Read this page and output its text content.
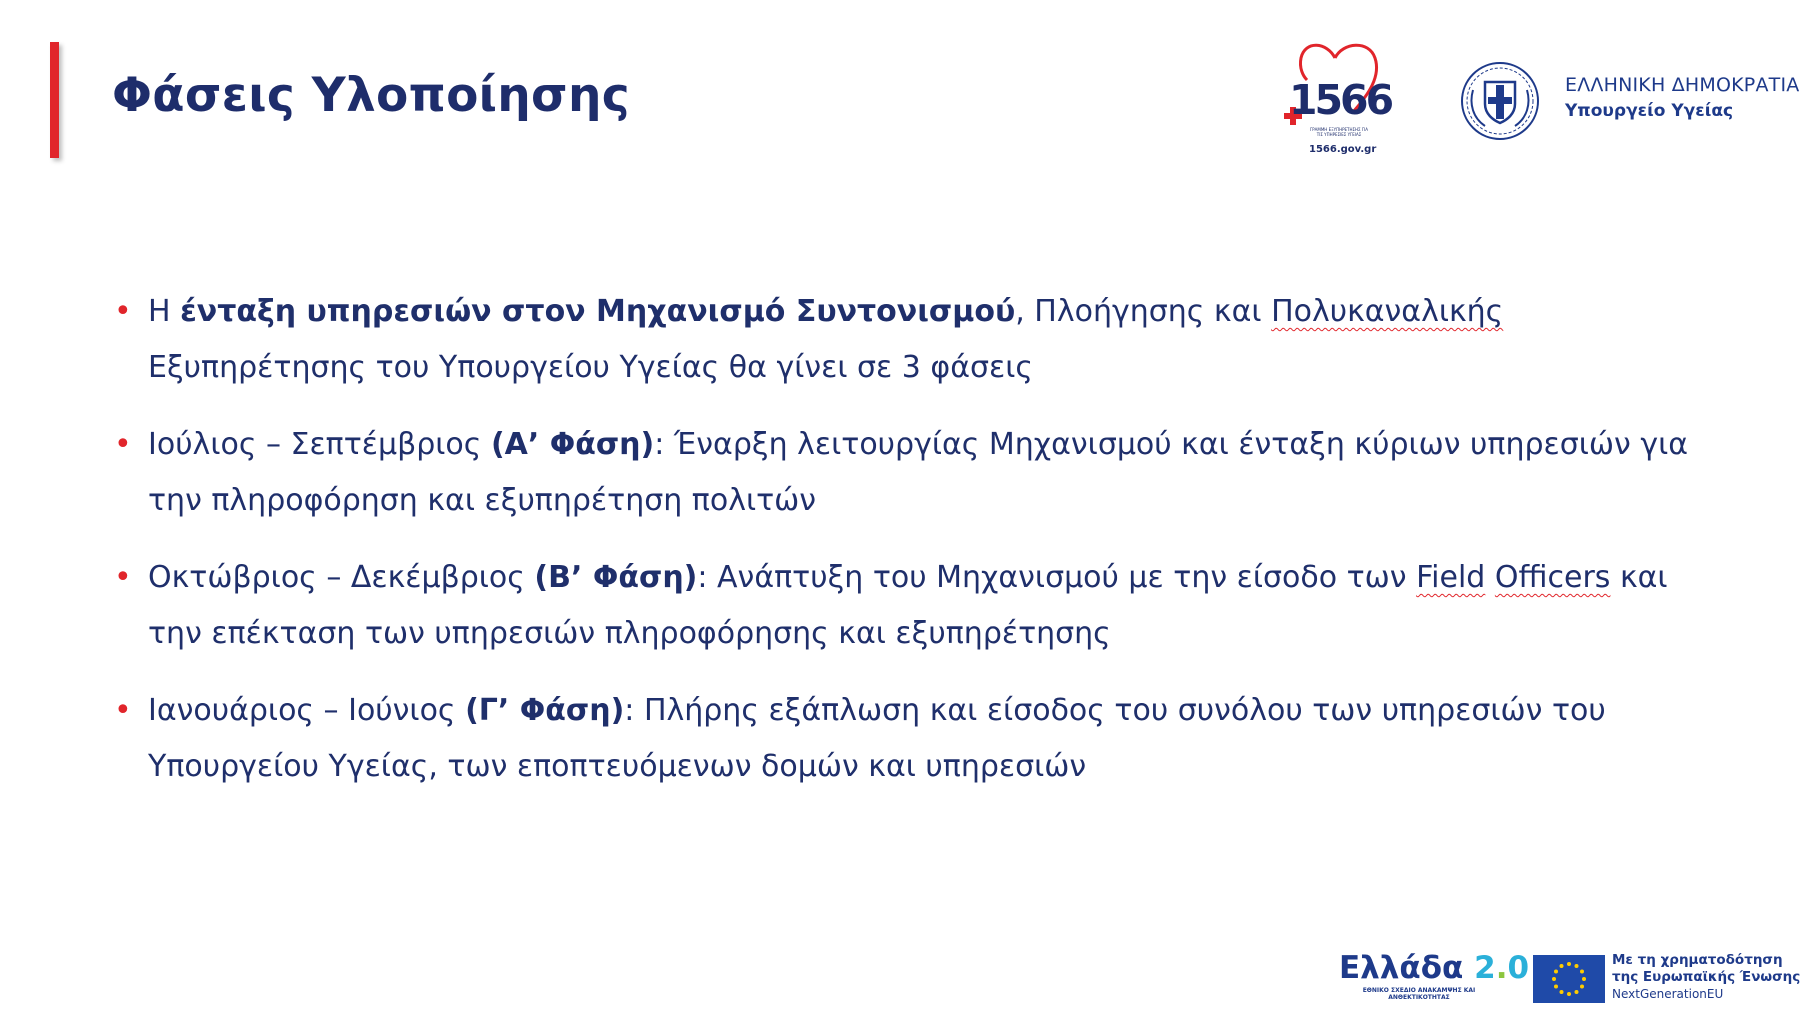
Φάσεις Υλοποίησης	1566
ΓΡΑΜΜΗ ΕΞΥΠΗΡΕΤΗΣΗΣ ΓΙΑ ΤΙΣ ΥΠΗΡΕΣΙΕΣ ΥΓΕΙΑΣ
1566.gov.gr
ΕΛΛΗΝΙΚΗ ΔΗΜΟΚΡΑΤΙΑ
Υπουργείο Υγείας
• Η ένταξη υπηρεσιών στον Μηχανισμό Συντονισμού, Πλοήγησης και Πολυκαναλικής Εξυπηρέτησης του Υπουργείου Υγείας θα γίνει σε 3 φάσεις
• Ιούλιος – Σεπτέμβριος (Α’ Φάση): Έναρξη λειτουργίας Μηχανισμού και ένταξη κύριων υπηρεσιών για την πληροφόρηση και εξυπηρέτηση πολιτών
• Οκτώβριος – Δεκέμβριος (Β’ Φάση): Ανάπτυξη του Μηχανισμού με την είσοδο των Field Officers και την επέκταση των υπηρεσιών πληροφόρησης και εξυπηρέτησης
• Ιανουάριος – Ιούνιος (Γ’ Φάση): Πλήρης εξάπλωση και είσοδος του συνόλου των υπηρεσιών του Υπουργείου Υγείας, των εποπτευόμενων δομών και υπηρεσιών
Ελλάδα 2.0
ΕΘΝΙΚΟ ΣΧΕΔΙΟ ΑΝΑΚΑΜΨΗΣ ΚΑΙ ΑΝΘΕΚΤΙΚΟΤΗΤΑΣ
Με τη χρηματοδότηση
της Ευρωπαϊκής Ένωσης
NextGenerationEU
